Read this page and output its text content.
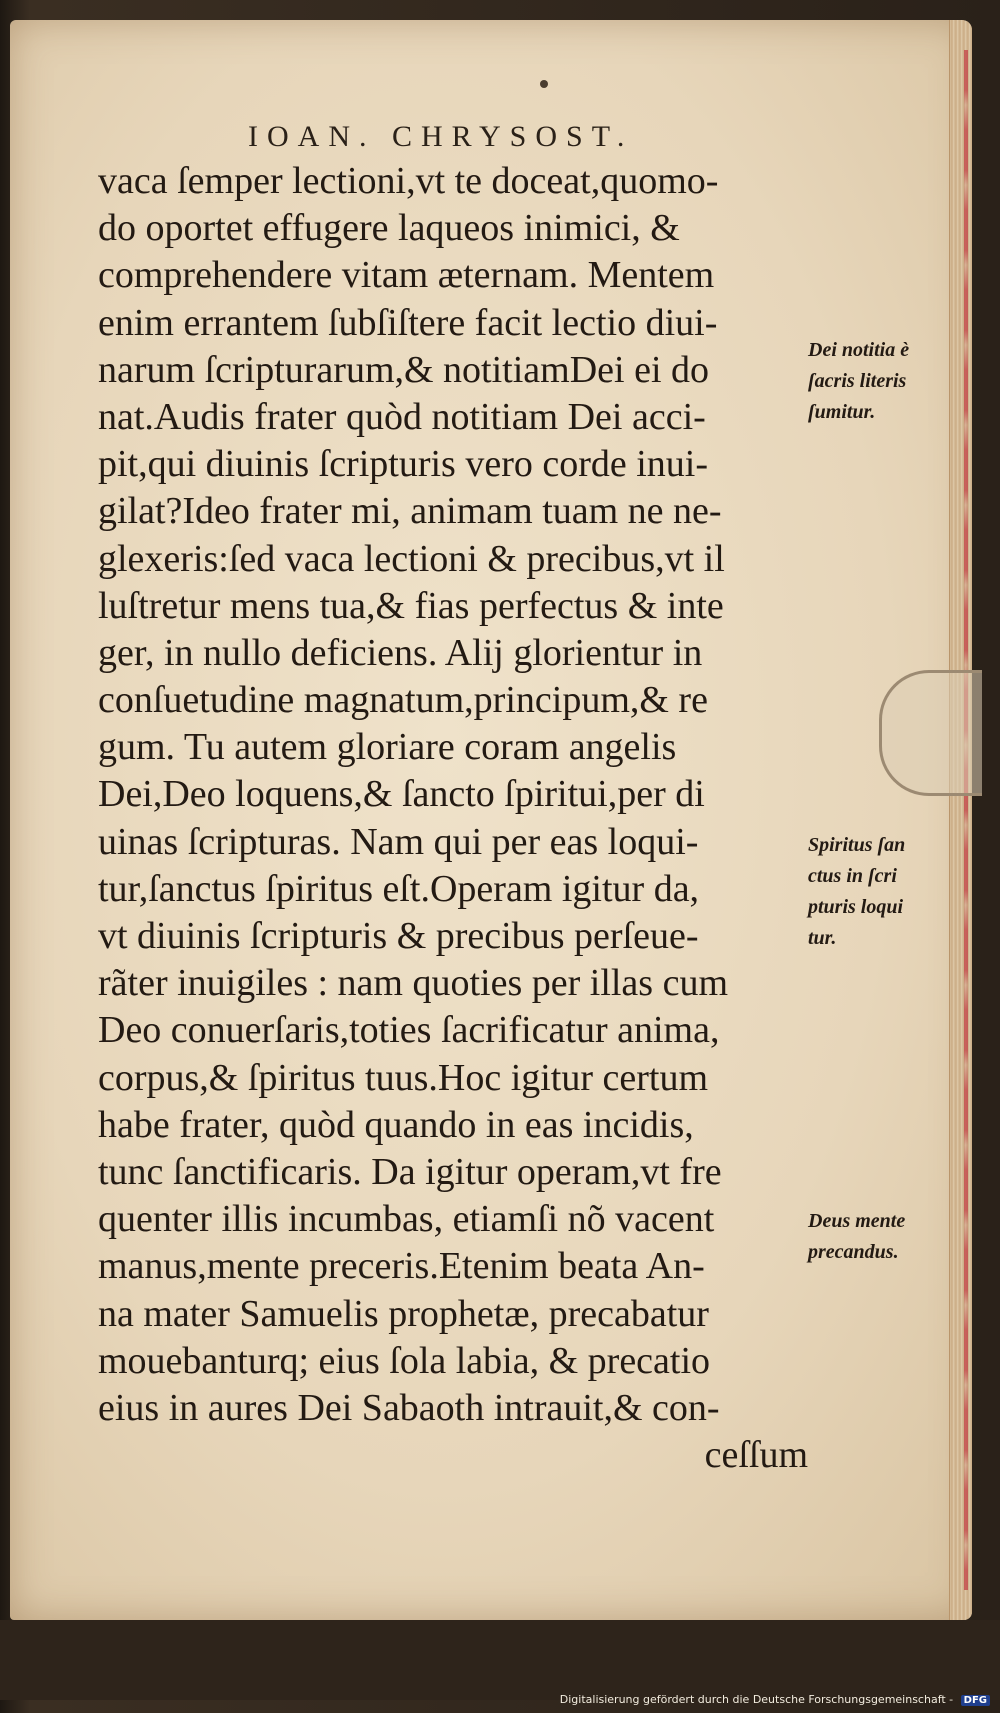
IOAN. CHRYSOST.
vaca ſemper lectioni,vt te doceat,quomo-
do oportet effugere laqueos inimici, &
comprehendere vitam æternam. Mentem
enim errantem ſubſiſtere facit lectio diui-
narum ſcripturarum,& notitiamDei ei do
nat.Audis frater quòd notitiam Dei acci-
pit,qui diuinis ſcripturis vero corde inui-
gilat?Ideo frater mi, animam tuam ne ne-
glexeris:ſed vaca lectioni & precibus,vt il
luſtretur mens tua,& fias perfectus & inte
ger, in nullo deficiens. Alij glorientur in
conſuetudine magnatum,principum,& re
gum. Tu autem gloriare coram angelis
Dei,Deo loquens,& ſancto ſpiritui,per di
uinas ſcripturas. Nam qui per eas loqui-
tur,ſanctus ſpiritus eſt.Operam igitur da,
vt diuinis ſcripturis & precibus perſeue-
rãter inuigiles : nam quoties per illas cum
Deo conuerſaris,toties ſacrificatur anima,
corpus,& ſpiritus tuus.Hoc igitur certum
habe frater, quòd quando in eas incidis,
tunc ſanctificaris. Da igitur operam,vt fre
quenter illis incumbas, etiamſi nõ vacent
manus,mente preceris.Etenim beata An-
na mater Samuelis prophetæ, precabatur
mouebanturq; eius ſola labia, & precatio
eius in aures Dei Sabaoth intrauit,& con-
ceſſum
Dei notitia è
ſacris literis
ſumitur.
Spiritus ſan
ctus in ſcri
pturis loqui
tur.
Deus mente
precandus.
Digitalisierung gefördert durch die Deutsche Forschungsgemeinschaft - DFG
